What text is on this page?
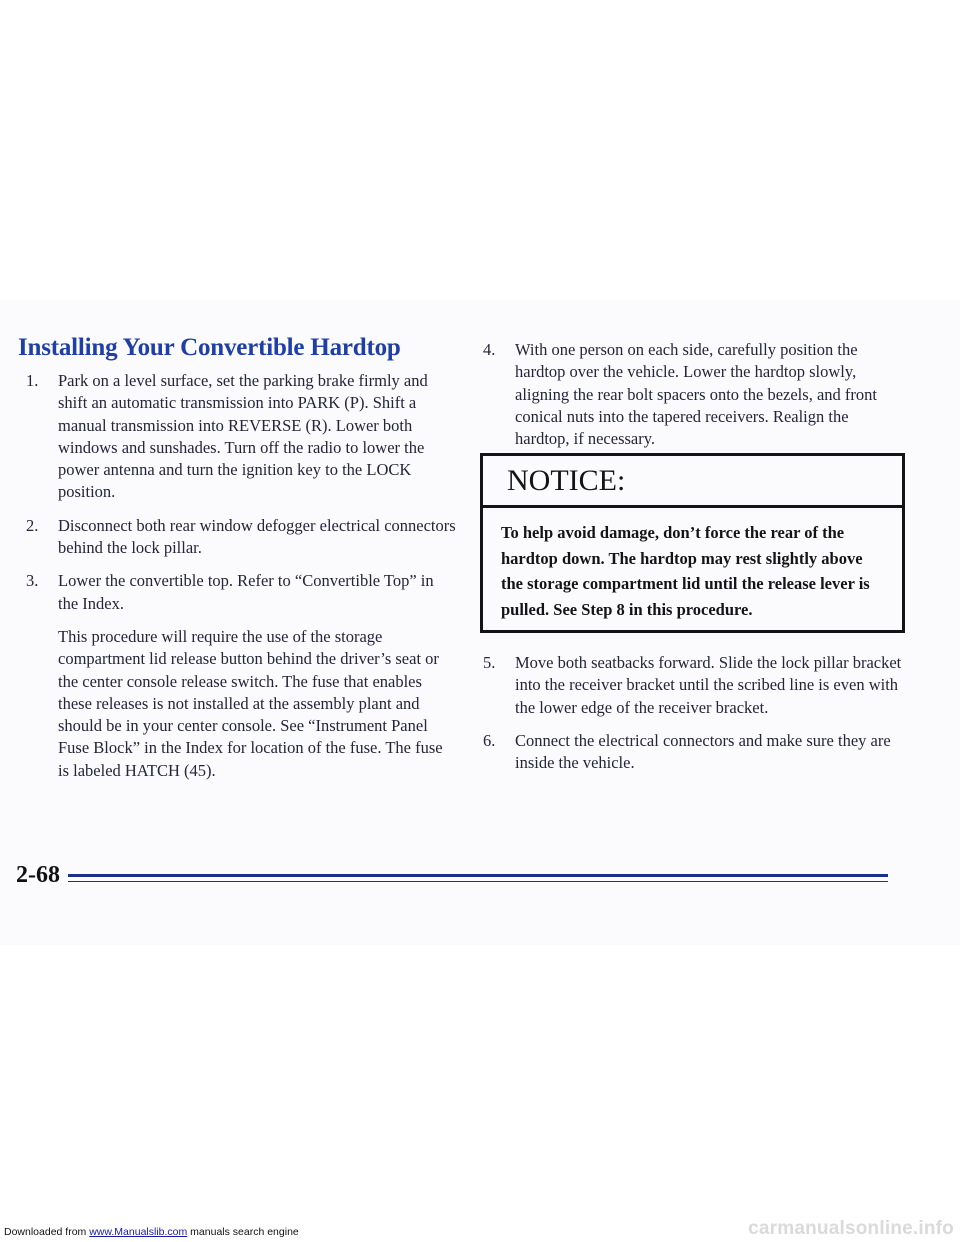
Installing Your Convertible Hardtop
1. Park on a level surface, set the parking brake firmly and shift an automatic transmission into PARK (P). Shift a manual transmission into REVERSE (R). Lower both windows and sunshades. Turn off the radio to lower the power antenna and turn the ignition key to the LOCK position.
2. Disconnect both rear window defogger electrical connectors behind the lock pillar.
3. Lower the convertible top. Refer to “Convertible Top” in the Index.

This procedure will require the use of the storage compartment lid release button behind the driver’s seat or the center console release switch. The fuse that enables these releases is not installed at the assembly plant and should be in your center console. See “Instrument Panel Fuse Block” in the Index for location of the fuse. The fuse is labeled HATCH (45).

4. With one person on each side, carefully position the hardtop over the vehicle. Lower the hardtop slowly, aligning the rear bolt spacers onto the bezels, and front conical nuts into the tapered receivers. Realign the hardtop, if necessary.
NOTICE:
To help avoid damage, don’t force the rear of the hardtop down. The hardtop may rest slightly above the storage compartment lid until the release lever is pulled. See Step 8 in this procedure.
5. Move both seatbacks forward. Slide the lock pillar bracket into the receiver bracket until the scribed line is even with the lower edge of the receiver bracket.
6. Connect the electrical connectors and make sure they are inside the vehicle.

2-68

Downloaded from www.Manualslib.com manuals search engine	carmanualsonline.info
